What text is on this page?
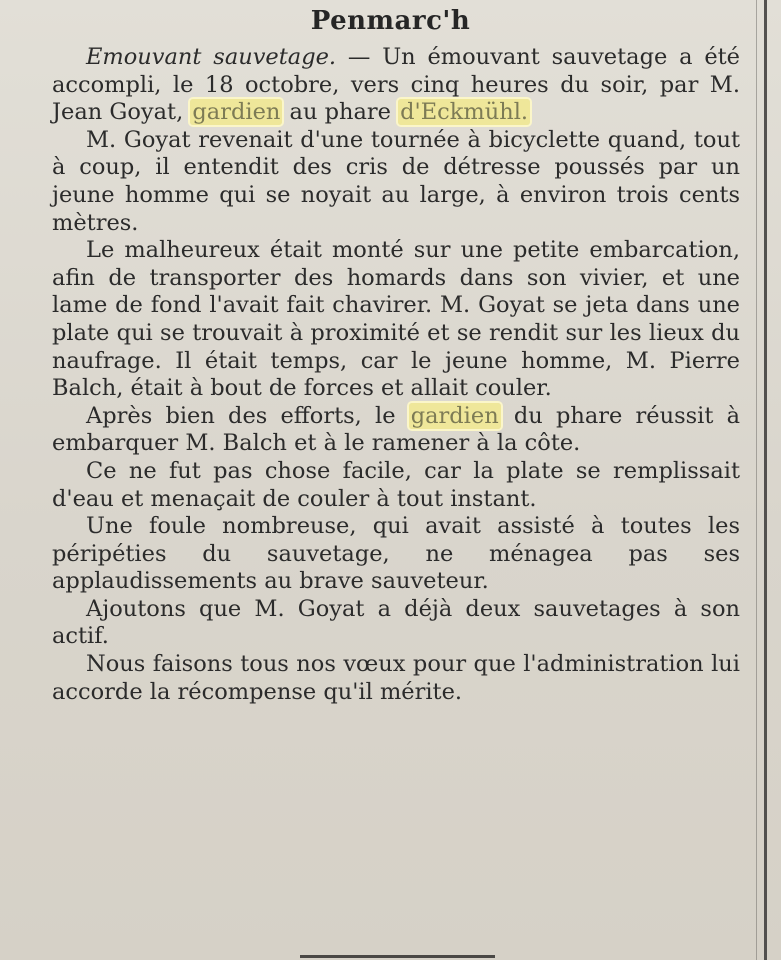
Penmarc'h

Emouvant sauvetage. — Un émouvant sauvetage a été accompli, le 18 octobre, vers cinq heures du soir, par M. Jean Goyat, gardien au phare d'Eckmühl.

M. Goyat revenait d'une tournée à bicyclette quand, tout à coup, il entendit des cris de détresse poussés par un jeune homme qui se noyait au large, à environ trois cents mètres.

Le malheureux était monté sur une petite embarcation, afin de transporter des homards dans son vivier, et une lame de fond l'avait fait chavirer. M. Goyat se jeta dans une plate qui se trouvait à proximité et se rendit sur les lieux du naufrage. Il était temps, car le jeune homme, M. Pierre Balch, était à bout de forces et allait couler.

Après bien des efforts, le gardien du phare réussit à embarquer M. Balch et à le ramener à la côte.

Ce ne fut pas chose facile, car la plate se remplissait d'eau et menaçait de couler à tout instant.

Une foule nombreuse, qui avait assisté à toutes les péripéties du sauvetage, ne ménagea pas ses applaudissements au brave sauveteur.

Ajoutons que M. Goyat a déjà deux sauvetages à son actif.

Nous faisons tous nos vœux pour que l'administration lui accorde la récompense qu'il mérite.
